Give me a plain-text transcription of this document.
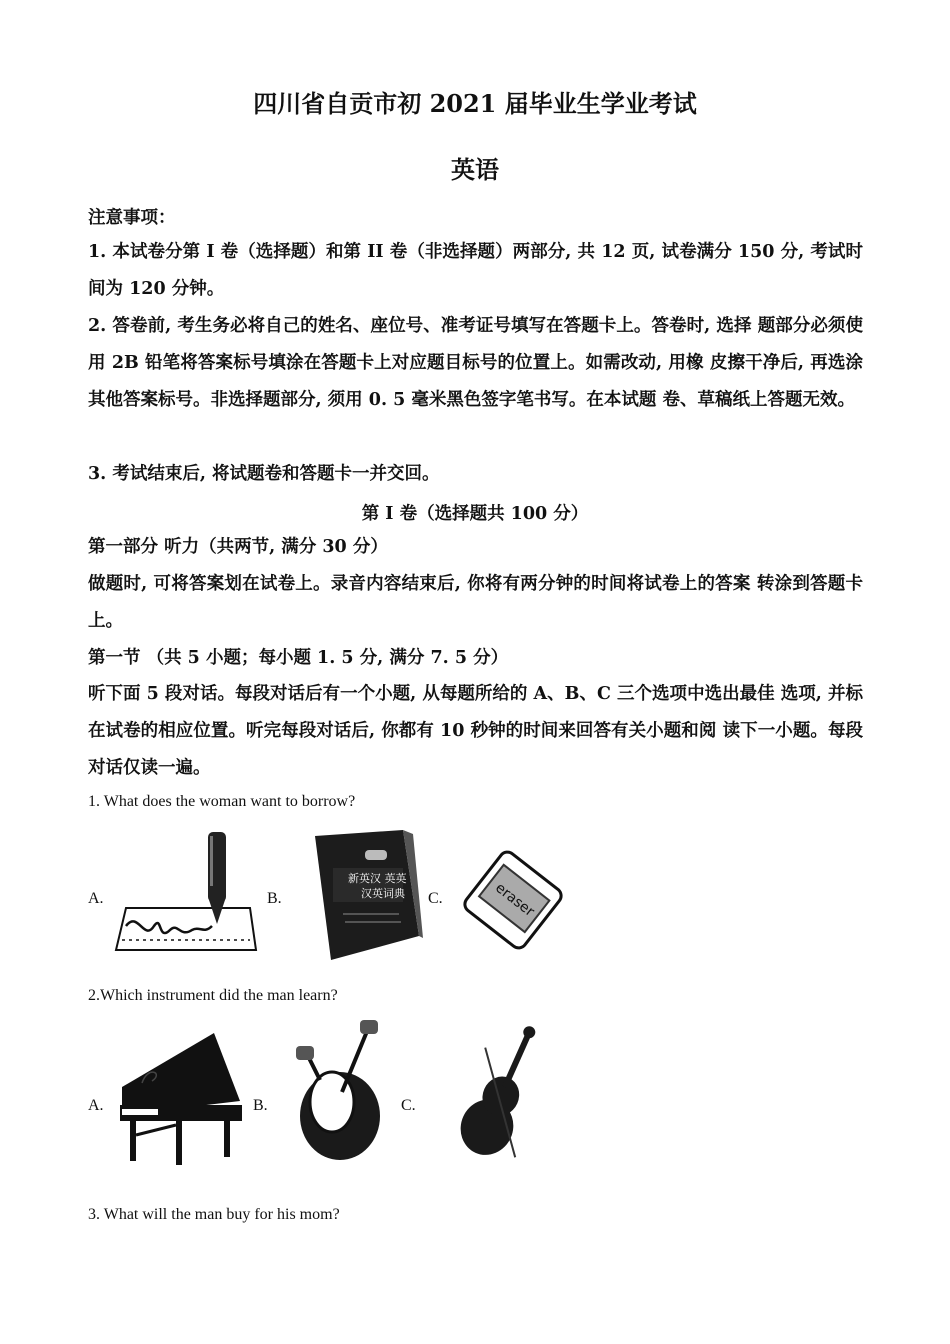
四川省自贡市初 2021 届毕业生学业考试
英语
注意事项：
1. 本试卷分第 I 卷（选择题）和第 II 卷（非选择题）两部分, 共 12 页, 试卷满分 150 分, 考试时间为 120 分钟。
2. 答卷前, 考生务必将自己的姓名、座位号、准考证号填写在答题卡上。答卷时, 选择 题部分必须使用 2B 铅笔将答案标号填涂在答题卡上对应题目标号的位置上。如需改动, 用橡 皮擦干净后, 再选涂其他答案标号。非选择题部分, 须用 0. 5 毫米黑色签字笔书写。在本试题 卷、草稿纸上答题无效。
3. 考试结束后, 将试题卷和答题卡一并交回。
第 I 卷（选择题共 100 分）
第一部分 听力（共两节, 满分 30 分）
做题时, 可将答案划在试卷上。录音内容结束后, 你将有两分钟的时间将试卷上的答案 转涂到答题卡上。
第一节 （共 5 小题；每小题 1. 5 分, 满分 7. 5 分）
听下面 5 段对话。每段对话后有一个小题, 从每题所给的 A、B、C 三个选项中选出最佳 选项, 并标在试卷的相应位置。听完每段对话后, 你都有 10 秒钟的时间来回答有关小题和阅 读下一小题。每段对话仅读一遍。
1. What does the woman want to borrow?
A.	B.
新英汉 英英
汉英词典 C.	eraser
2.Which instrument did the man learn?
A.	B.	C.
3. What will the man buy for his mom?
